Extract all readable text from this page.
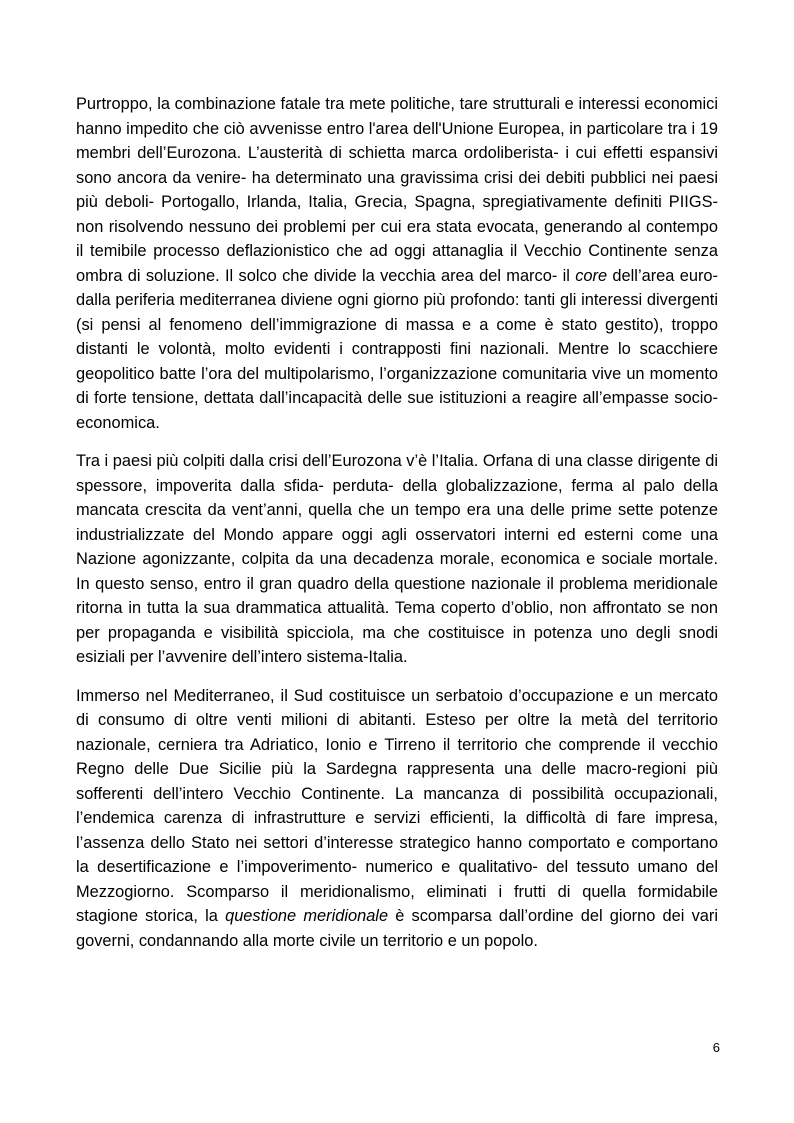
Purtroppo, la combinazione fatale tra mete politiche, tare strutturali e interessi economici hanno impedito che ciò avvenisse entro l'area dell'Unione Europea, in particolare tra i 19 membri dell’Eurozona. L’austerità di schietta marca ordoliberista- i cui effetti espansivi sono ancora da venire- ha determinato una gravissima crisi dei debiti pubblici nei paesi più deboli- Portogallo, Irlanda, Italia, Grecia, Spagna, spregiativamente definiti PIIGS- non risolvendo nessuno dei problemi per cui era stata evocata, generando al contempo il temibile processo deflazionistico che ad oggi attanaglia il Vecchio Continente senza ombra di soluzione. Il solco che divide la vecchia area del marco- il core dell’area euro- dalla periferia mediterranea diviene ogni giorno più profondo: tanti gli interessi divergenti (si pensi al fenomeno dell’immigrazione di massa e a come è stato gestito), troppo distanti le volontà, molto evidenti i contrapposti fini nazionali. Mentre lo scacchiere geopolitico batte l’ora del multipolarismo, l’organizzazione comunitaria vive un momento di forte tensione, dettata dall’incapacità delle sue istituzioni a reagire all’empasse socio-economica.

Tra i paesi più colpiti dalla crisi dell’Eurozona v’è l’Italia. Orfana di una classe dirigente di spessore, impoverita dalla sfida- perduta- della globalizzazione, ferma al palo della mancata crescita da vent’anni, quella che un tempo era una delle prime sette potenze industrializzate del Mondo appare oggi agli osservatori interni ed esterni come una Nazione agonizzante, colpita da una decadenza morale, economica e sociale mortale. In questo senso, entro il gran quadro della questione nazionale il problema meridionale ritorna in tutta la sua drammatica attualità. Tema coperto d’oblio, non affrontato se non per propaganda e visibilità spicciola, ma che costituisce in potenza uno degli snodi esiziali per l’avvenire dell’intero sistema-Italia.

Immerso nel Mediterraneo, il Sud costituisce un serbatoio d’occupazione e un mercato di consumo di oltre venti milioni di abitanti. Esteso per oltre la metà del territorio nazionale, cerniera tra Adriatico, Ionio e Tirreno il territorio che comprende il vecchio Regno delle Due Sicilie più la Sardegna rappresenta una delle macro-regioni più sofferenti dell’intero Vecchio Continente. La mancanza di possibilità occupazionali, l’endemica carenza di infrastrutture e servizi efficienti, la difficoltà di fare impresa, l’assenza dello Stato nei settori d’interesse strategico hanno comportato e comportano la desertificazione e l’impoverimento- numerico e qualitativo- del tessuto umano del Mezzogiorno. Scomparso il meridionalismo, eliminati i frutti di quella formidabile stagione storica, la questione meridionale è scomparsa dall’ordine del giorno dei vari governi, condannando alla morte civile un territorio e un popolo.

6
